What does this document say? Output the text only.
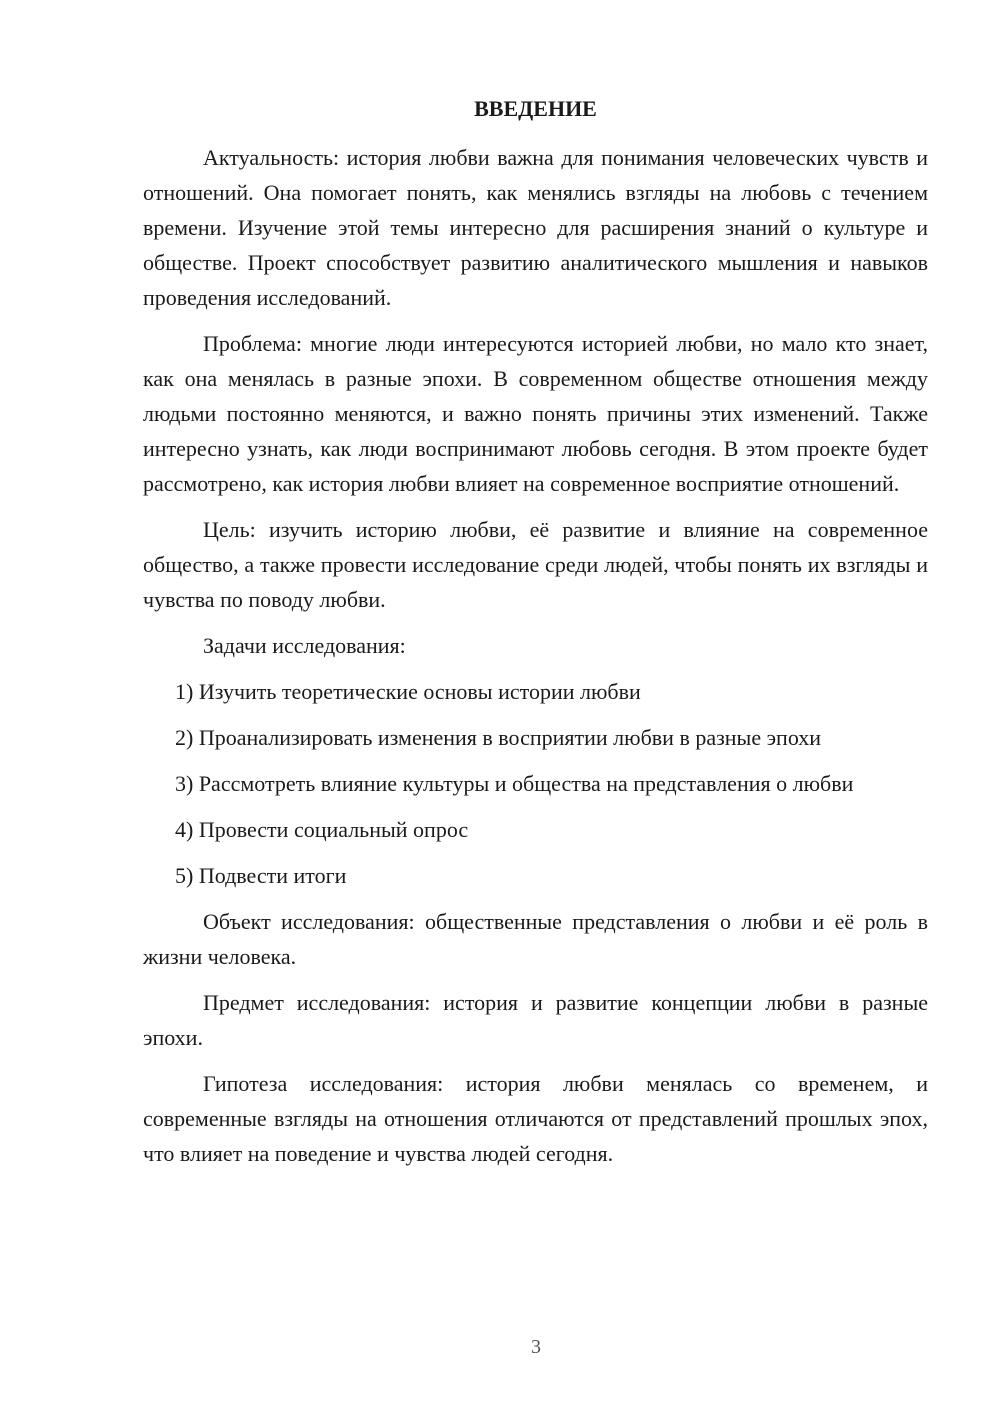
ВВЕДЕНИЕ

Актуальность: история любви важна для понимания человеческих чувств и отношений. Она помогает понять, как менялись взгляды на любовь с течением времени. Изучение этой темы интересно для расширения знаний о культуре и обществе. Проект способствует развитию аналитического мышления и навыков проведения исследований.

Проблема: многие люди интересуются историей любви, но мало кто знает, как она менялась в разные эпохи. В современном обществе отношения между людьми постоянно меняются, и важно понять причины этих изменений. Также интересно узнать, как люди воспринимают любовь сегодня. В этом проекте будет рассмотрено, как история любви влияет на современное восприятие отношений.

Цель: изучить историю любви, её развитие и влияние на современное общество, а также провести исследование среди людей, чтобы понять их взгляды и чувства по поводу любви.

Задачи исследования:

1) Изучить теоретические основы истории любви

2) Проанализировать изменения в восприятии любви в разные эпохи

3) Рассмотреть влияние культуры и общества на представления о любви

4) Провести социальный опрос

5) Подвести итоги

Объект исследования: общественные представления о любви и её роль в жизни человека.

Предмет исследования: история и развитие концепции любви в разные эпохи.

Гипотеза исследования: история любви менялась со временем, и современные взгляды на отношения отличаются от представлений прошлых эпох, что влияет на поведение и чувства людей сегодня.

3
